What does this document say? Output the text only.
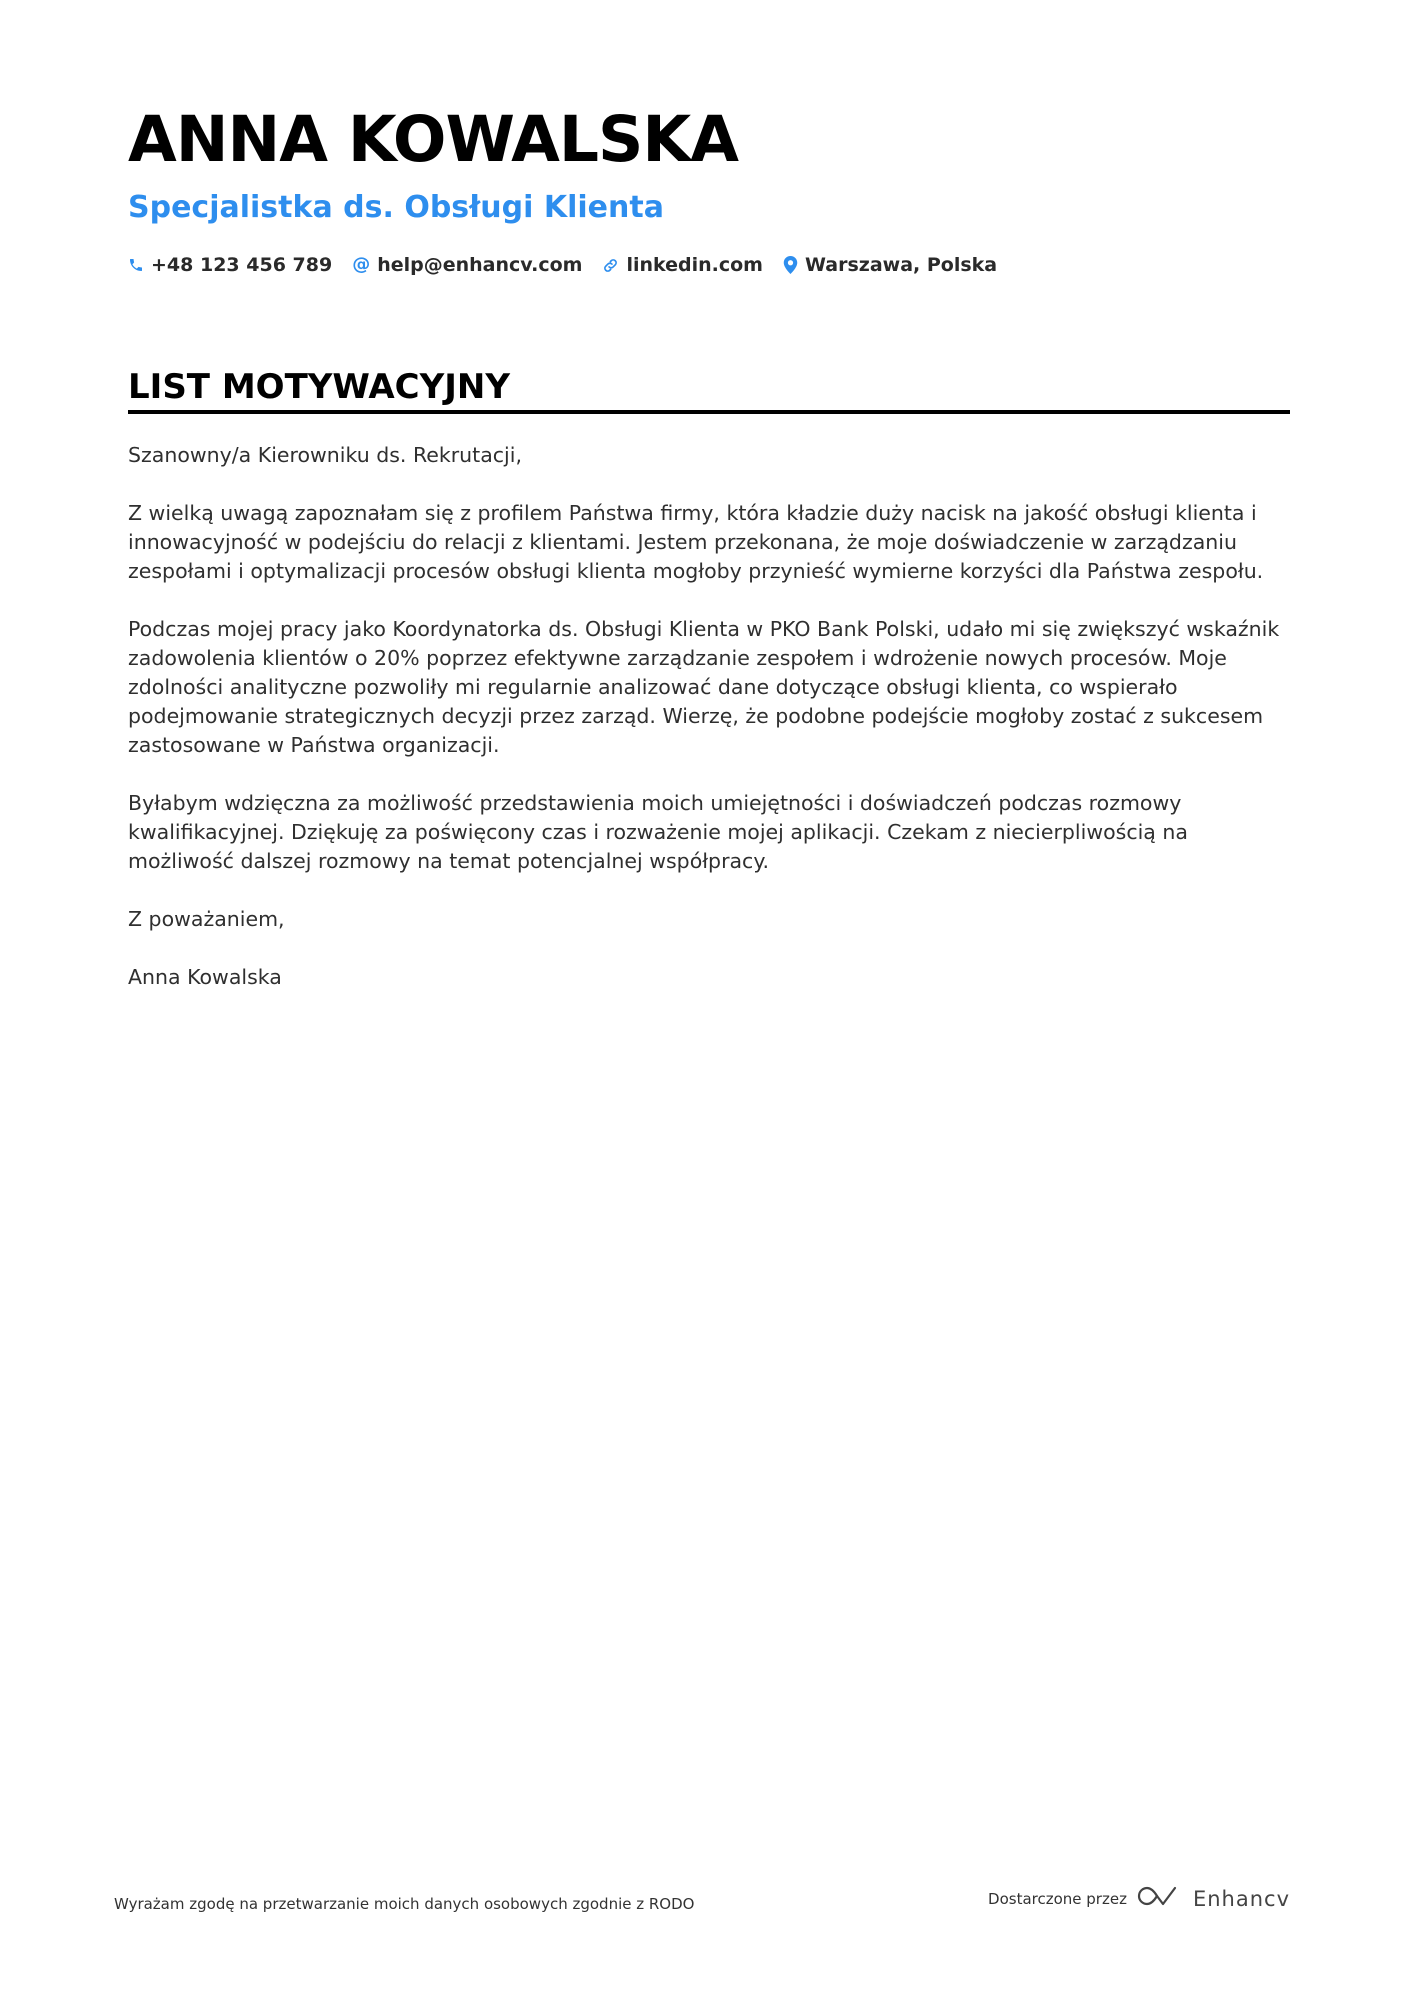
ANNA KOWALSKA
Specjalistka ds. Obsługi Klienta
+48 123 456 789 @ help@enhancv.com linkedin.com Warszawa, Polska
LIST MOTYWACYJNY

Szanowny/a Kierowniku ds. Rekrutacji,

Z wielką uwagą zapoznałam się z profilem Państwa firmy, która kładzie duży nacisk na jakość obsługi klienta i innowacyjność w podejściu do relacji z klientami. Jestem przekonana, że moje doświadczenie w zarządzaniu zespołami i optymalizacji procesów obsługi klienta mogłoby przynieść wymierne korzyści dla Państwa zespołu.

Podczas mojej pracy jako Koordynatorka ds. Obsługi Klienta w PKO Bank Polski, udało mi się zwiększyć wskaźnik zadowolenia klientów o 20% poprzez efektywne zarządzanie zespołem i wdrożenie nowych procesów. Moje zdolności analityczne pozwoliły mi regularnie analizować dane dotyczące obsługi klienta, co wspierało podejmowanie strategicznych decyzji przez zarząd. Wierzę, że podobne podejście mogłoby zostać z sukcesem zastosowane w Państwa organizacji.

Byłabym wdzięczna za możliwość przedstawienia moich umiejętności i doświadczeń podczas rozmowy kwalifikacyjnej. Dziękuję za poświęcony czas i rozważenie mojej aplikacji. Czekam z niecierpliwością na możliwość dalszej rozmowy na temat potencjalnej współpracy.

Z poważaniem,

Anna Kowalska

Wyrażam zgodę na przetwarzanie moich danych osobowych zgodnie z RODO	Dostarczone przez	Enhancv
